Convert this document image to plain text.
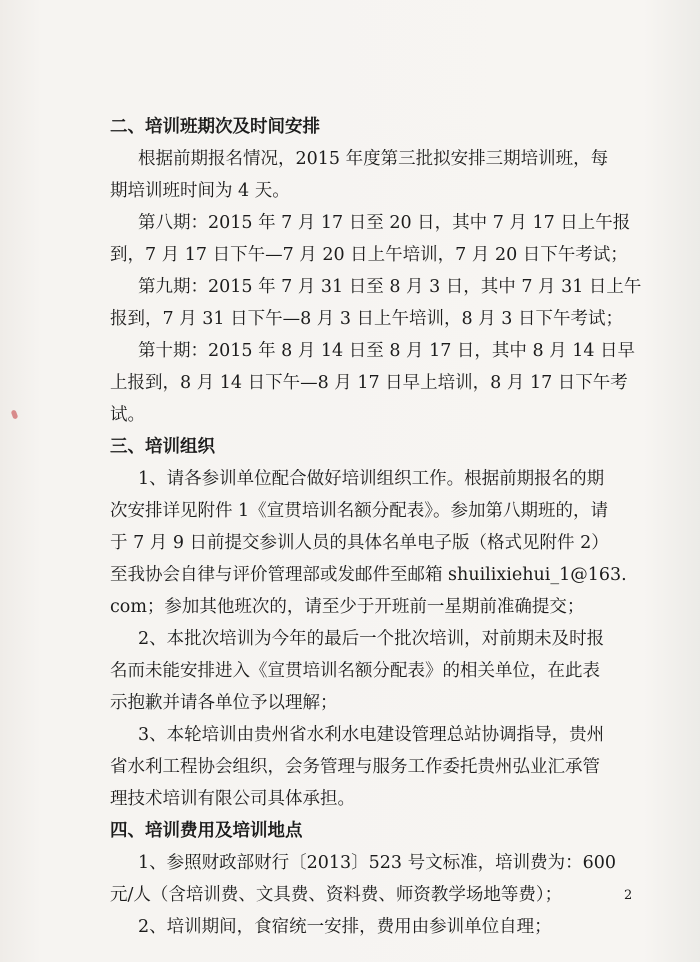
二、培训班期次及时间安排
根据前期报名情况，2015 年度第三批拟安排三期培训班，每
期培训班时间为 4 天。
第八期：2015 年 7 月 17 日至 20 日，其中 7 月 17 日上午报
到，7 月 17 日下午—7 月 20 日上午培训，7 月 20 日下午考试；
第九期：2015 年 7 月 31 日至 8 月 3 日，其中 7 月 31 日上午
报到，7 月 31 日下午—8 月 3 日上午培训，8 月 3 日下午考试；
第十期：2015 年 8 月 14 日至 8 月 17 日，其中 8 月 14 日早
上报到，8 月 14 日下午—8 月 17 日早上培训，8 月 17 日下午考
试。
三、培训组织
1、请各参训单位配合做好培训组织工作。根据前期报名的期
次安排详见附件 1《宣贯培训名额分配表》。参加第八期班的，请
于 7 月 9 日前提交参训人员的具体名单电子版（格式见附件 2）
至我协会自律与评价管理部或发邮件至邮箱 shuilixiehui_1@163.
com；参加其他班次的，请至少于开班前一星期前准确提交；
2、本批次培训为今年的最后一个批次培训，对前期未及时报
名而未能安排进入《宣贯培训名额分配表》的相关单位，在此表
示抱歉并请各单位予以理解；
3、本轮培训由贵州省水利水电建设管理总站协调指导，贵州
省水利工程协会组织，会务管理与服务工作委托贵州弘业汇承管
理技术培训有限公司具体承担。
四、培训费用及培训地点
1、参照财政部财行〔2013〕523 号文标准，培训费为：600
元/人（含培训费、文具费、资料费、师资教学场地等费）；
2、培训期间，食宿统一安排，费用由参训单位自理；
2
